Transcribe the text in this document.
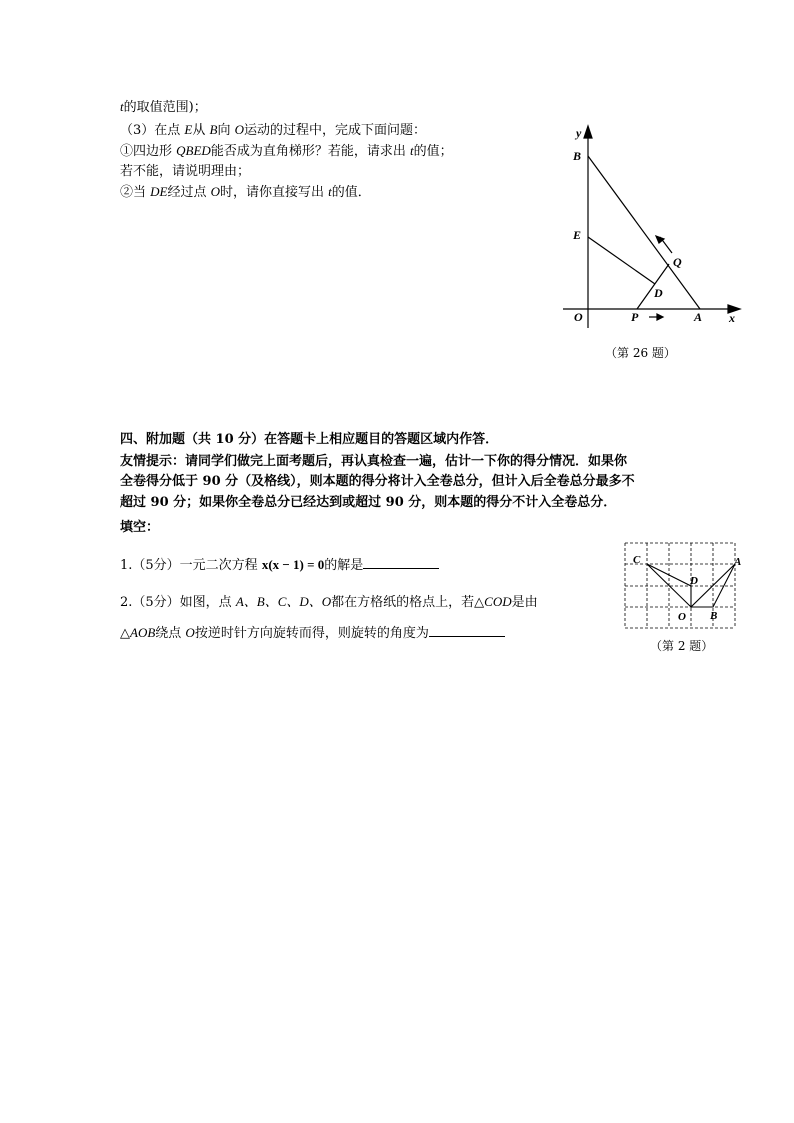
t的取值范围)；
（3）在点 E从 B向 O运动的过程中，完成下面问题：
①四边形 QBED能否成为直角梯形？若能，请求出 t的值；
若不能，请说明理由；
②当 DE经过点 O时，请你直接写出 t的值．
y
x
B
E
Q
D
O	P	A
（第 26 题）
四、附加题（共 10 分）在答题卡上相应题目的答题区域内作答．
友情提示：请同学们做完上面考题后，再认真检查一遍，估计一下你的得分情况．如果你
全卷得分低于 90 分（及格线），则本题的得分将计入全卷总分，但计入后全卷总分最多不
超过 90 分；如果你全卷总分已经达到或超过 90 分，则本题的得分不计入全卷总分．
填空：
1.（5分）一元二次方程 x(x − 1) = 0的解是
2.（5分）如图，点 A、B、C、D、O都在方格纸的格点上，若△COD是由
△AOB绕点 O按逆时针方向旋转而得，则旋转的角度为
C	A
D
O B
（第 2 题）
